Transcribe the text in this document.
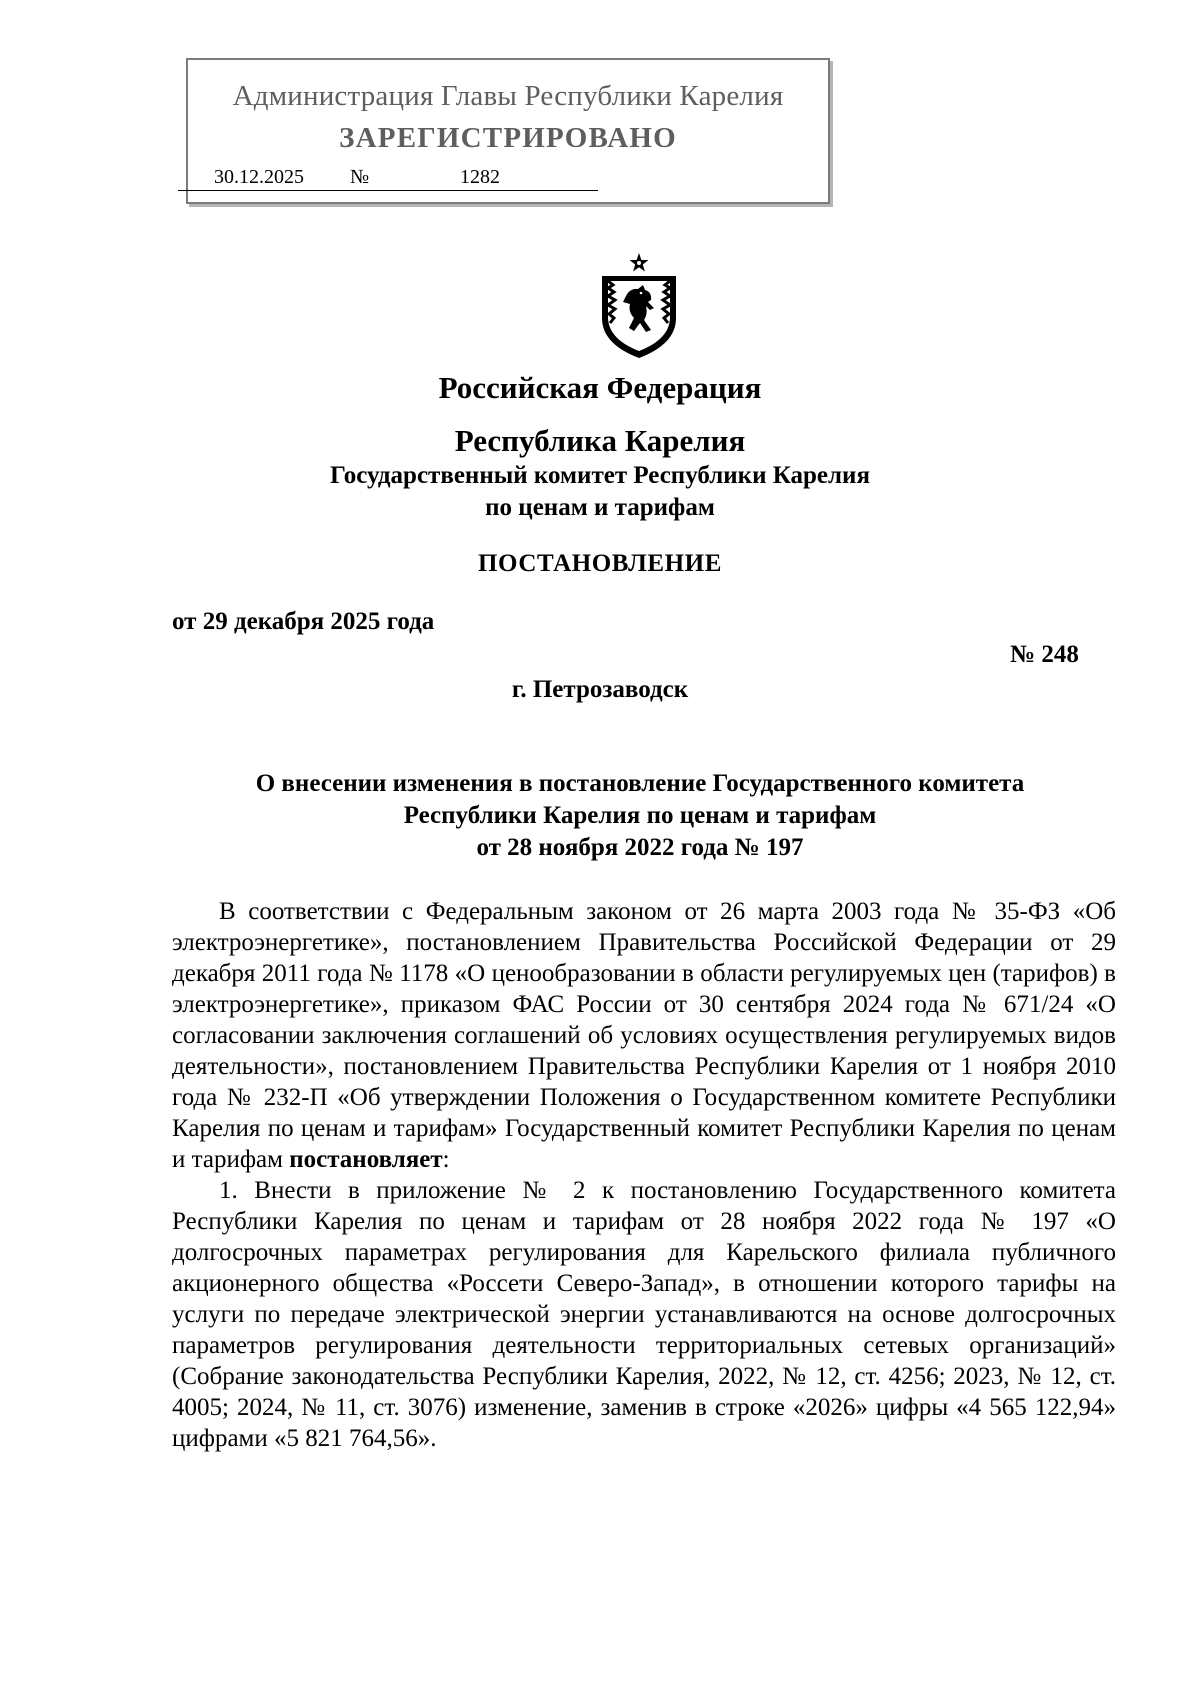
Администрация Главы Республики Карелия
ЗАРЕГИСТРИРОВАНО
30.12.2025 №	1282
Российская Федерация
Республика Карелия
Государственный комитет Республики Карелия
по ценам и тарифам
ПОСТАНОВЛЕНИЕ
от 29 декабря 2025 года
№ 248
г. Петрозаводск
О внесении изменения в постановление Государственного комитета
Республики Карелия по ценам и тарифам
от 28 ноября 2022 года № 197

В соответствии с Федеральным законом от 26 марта 2003 года № 35-ФЗ «Об электроэнергетике», постановлением Правительства Российской Федерации от 29 декабря 2011 года № 1178 «О ценообразовании в области регулируемых цен (тарифов) в электроэнергетике», приказом ФАС России от 30 сентября 2024 года № 671/24 «О согласовании заключения соглашений об условиях осуществления регулируемых видов деятельности», постановлением Правительства Республики Карелия от 1 ноября 2010 года № 232-П «Об утверждении Положения о Государственном комитете Республики Карелия по ценам и тарифам» Государственный комитет Республики Карелия по ценам и тарифам постановляет:

1. Внести в приложение № 2 к постановлению Государственного комитета Республики Карелия по ценам и тарифам от 28 ноября 2022 года № 197 «О долгосрочных параметрах регулирования для Карельского филиала публичного акционерного общества «Россети Северо-Запад», в отношении которого тарифы на услуги по передаче электрической энергии устанавливаются на основе долгосрочных параметров регулирования деятельности территориальных сетевых организаций» (Собрание законодательства Республики Карелия, 2022, № 12, ст. 4256; 2023, № 12, ст. 4005; 2024, № 11, ст. 3076) изменение, заменив в строке «2026» цифры «4 565 122,94» цифрами «5 821 764,56».
